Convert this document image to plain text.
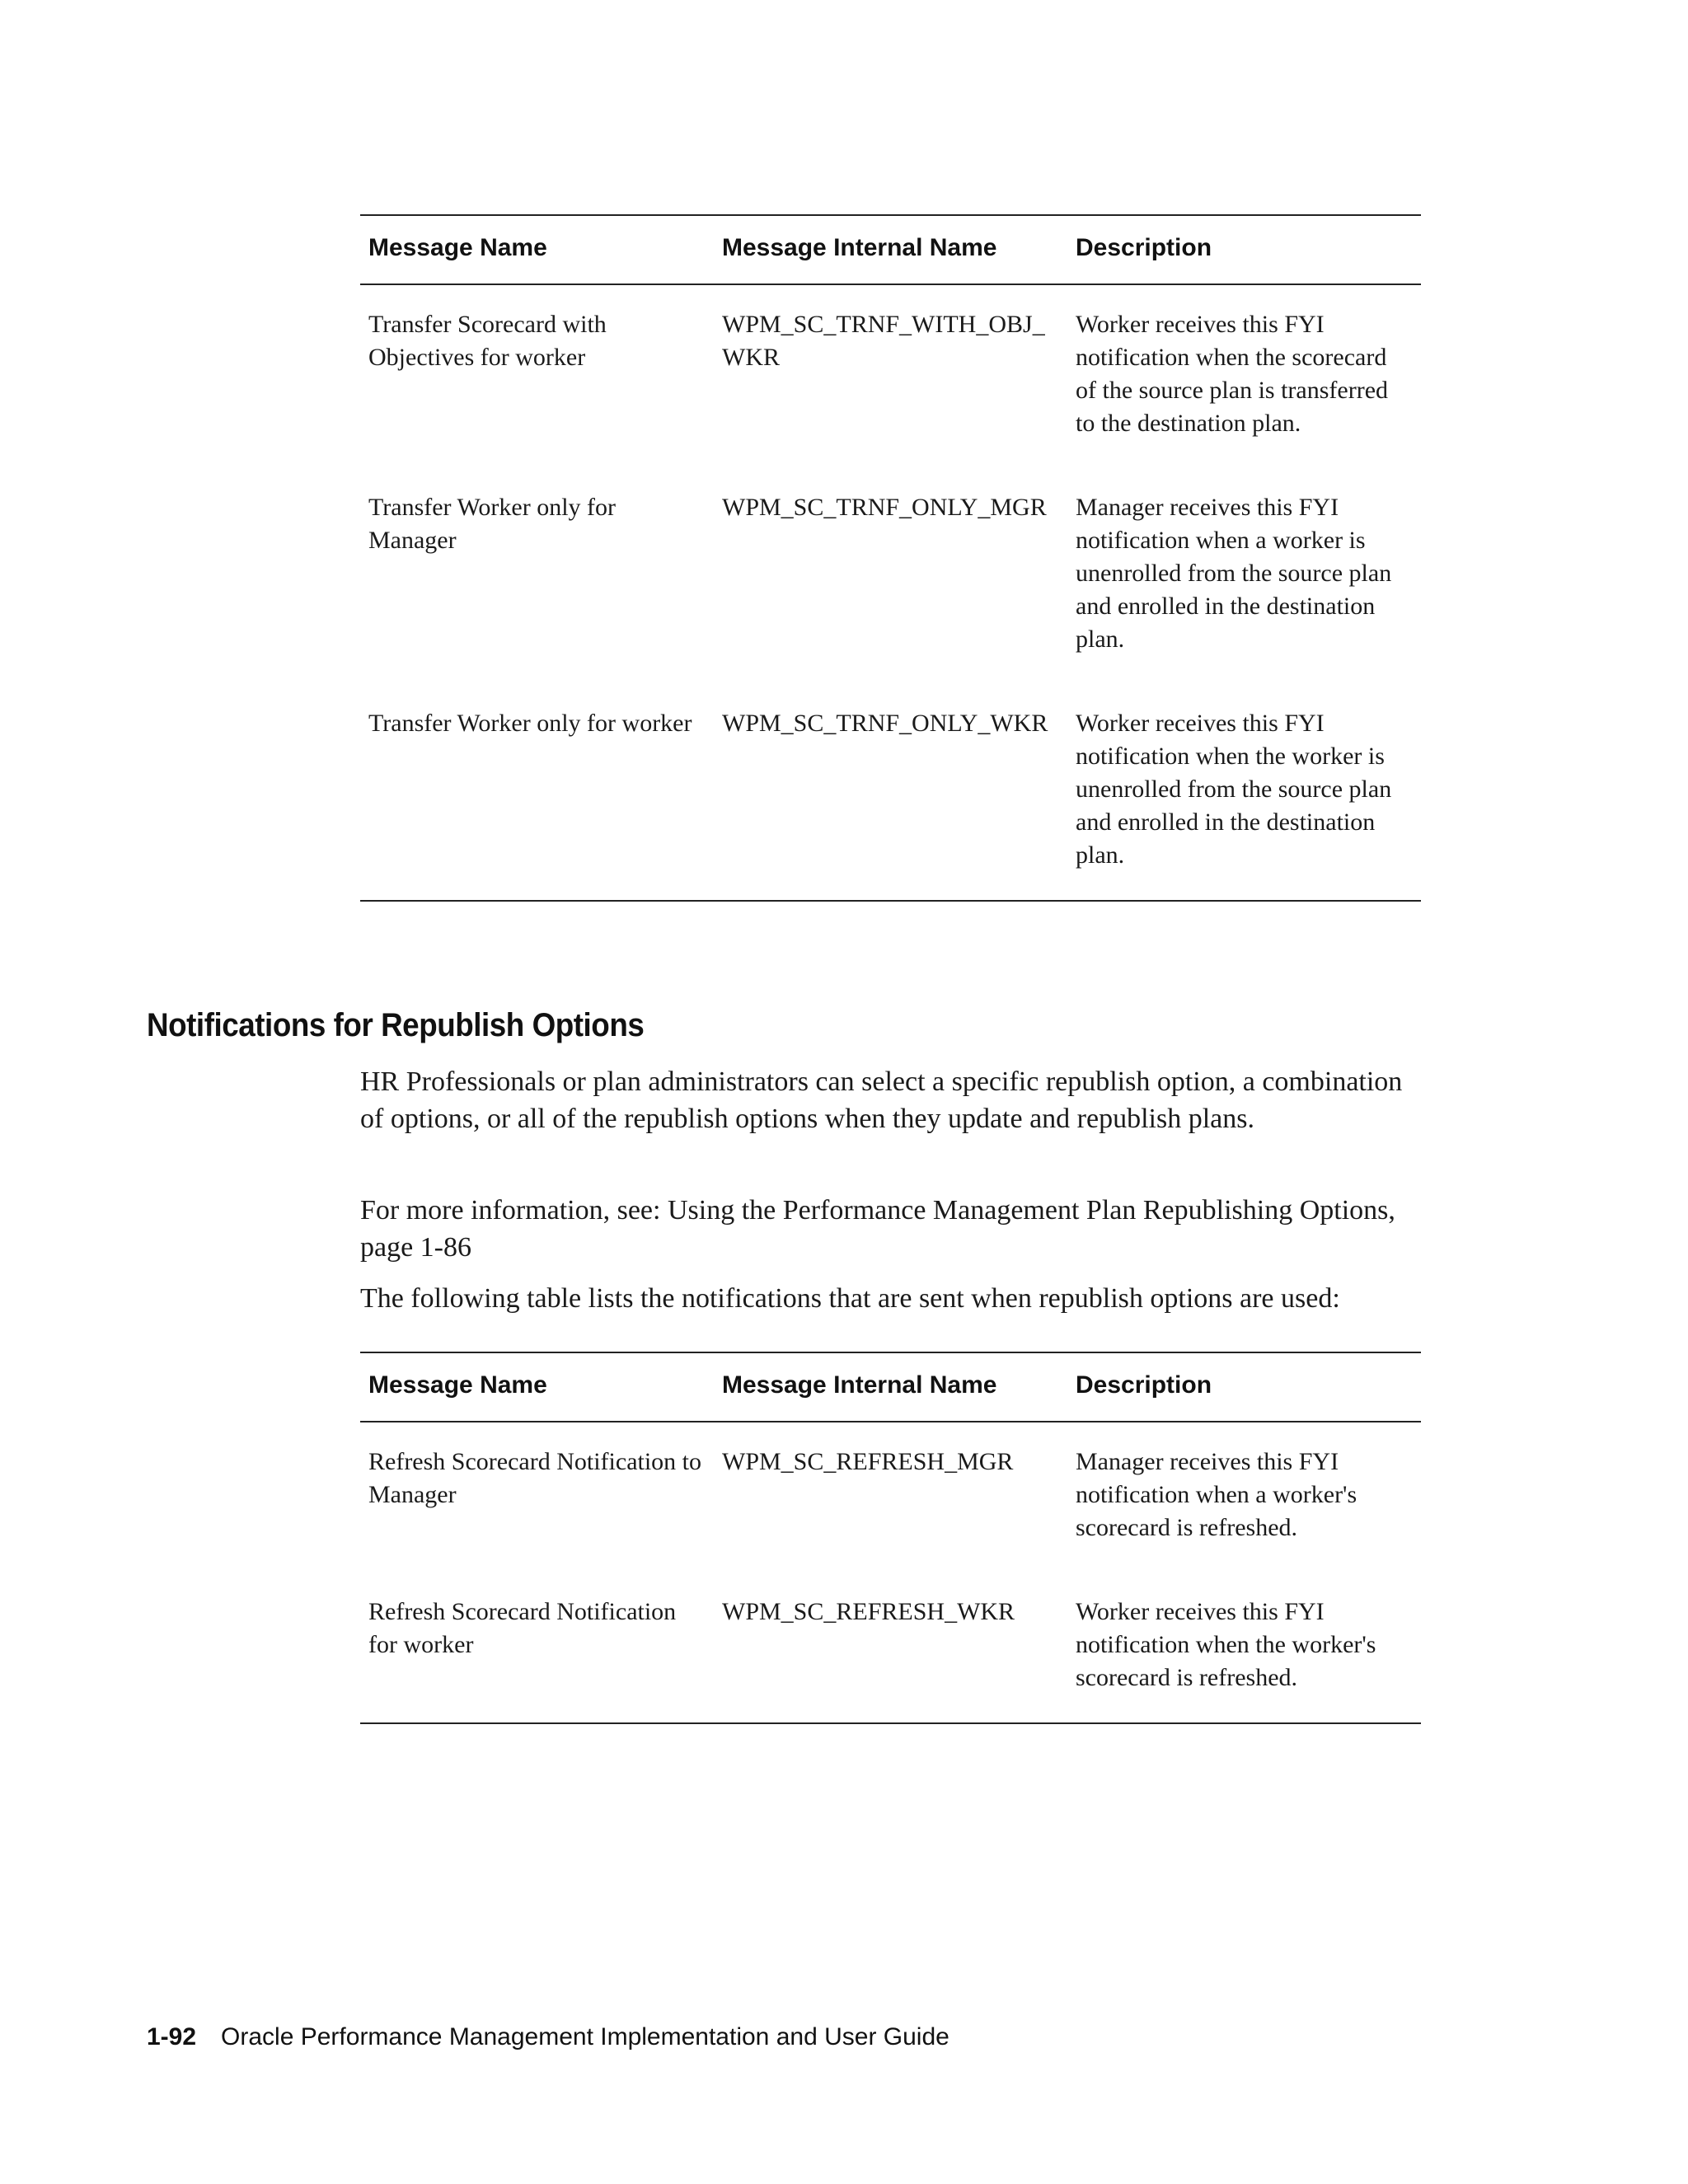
Message Name	Message Internal Name	Description
Transfer Scorecard with Objectives for worker	WPM_SC_TRNF_WITH_OBJ_WKR	Worker receives this FYI notification when the scorecard of the source plan is transferred to the destination plan.
Transfer Worker only for Manager	WPM_SC_TRNF_ONLY_MGR	Manager receives this FYI notification when a worker is unenrolled from the source plan and enrolled in the destination plan.
Transfer Worker only for worker	WPM_SC_TRNF_ONLY_WKR	Worker receives this FYI notification when the worker is unenrolled from the source plan and enrolled in the destination plan.
Notifications for Republish Options

HR Professionals or plan administrators can select a specific republish option, a combination of options, or all of the republish options when they update and republish plans.

For more information, see: Using the Performance Management Plan Republishing Options, page 1-86

The following table lists the notifications that are sent when republish options are used:

Message Name	Message Internal Name	Description
Refresh Scorecard Notification to Manager	WPM_SC_REFRESH_MGR	Manager receives this FYI notification when a worker's scorecard is refreshed.
Refresh Scorecard Notification for worker	WPM_SC_REFRESH_WKR	Worker receives this FYI notification when the worker's scorecard is refreshed.
1-92 Oracle Performance Management Implementation and User Guide
